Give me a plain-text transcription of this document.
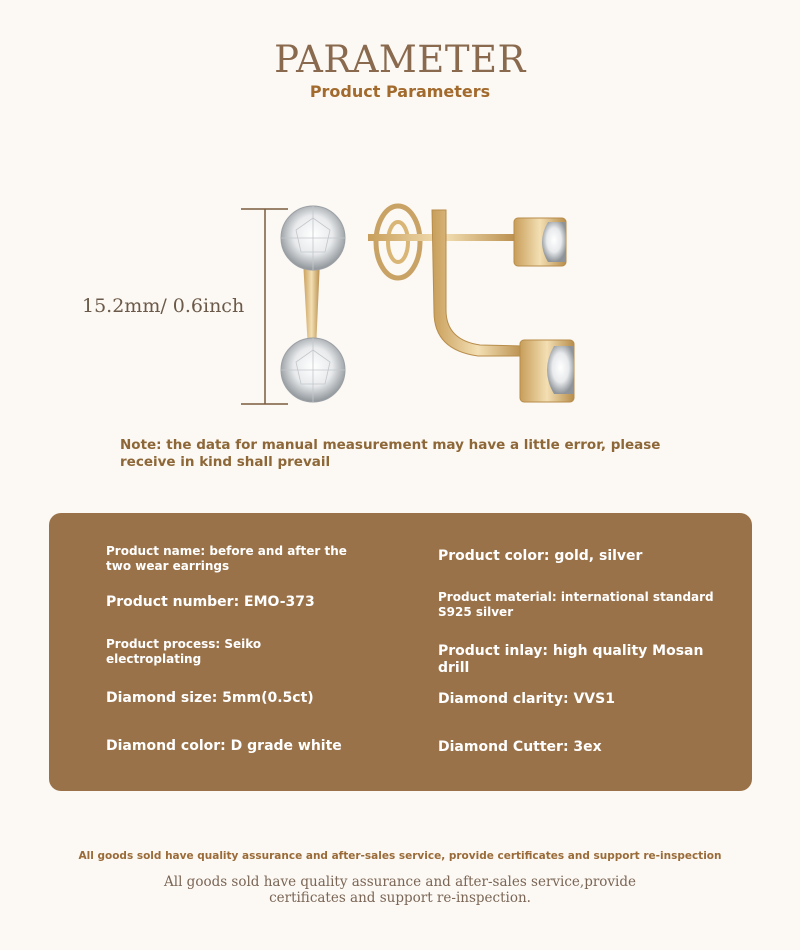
PARAMETER
Product Parameters
15.2mm/ 0.6inch
Note: the data for manual measurement may have a little error, please receive in kind shall prevail
Product name: before and after the two wear earrings
Product number: EMO-373
Product process: Seiko electroplating
Diamond size: 5mm(0.5ct)
Diamond color: D grade white
Product color: gold, silver
Product material: international standard S925 silver
Product inlay: high quality Mosan drill
Diamond clarity: VVS1
Diamond Cutter: 3ex
All goods sold have quality assurance and after-sales service, provide certificates and support re-inspection
All goods sold have quality assurance and after-sales service,provide certificates and support re-inspection.
